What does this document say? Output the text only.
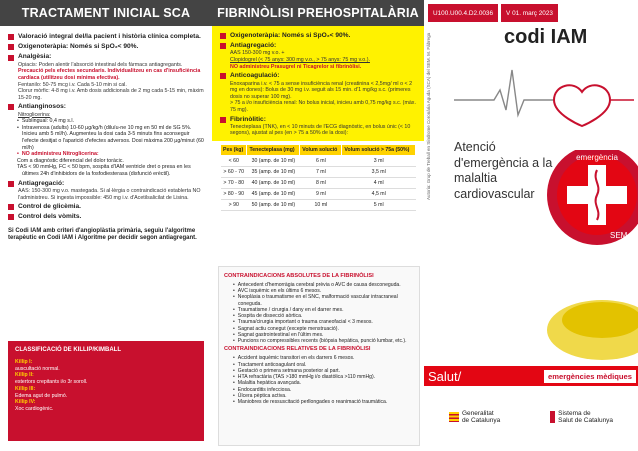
TRACTAMENT INICIAL SCA
Valoració integral del/la pacient i història clínica completa.
Oxigenoteràpia: Només si SpO₂< 90%.
Analgèsia:
Opiacis: Poden alentir l'absorció intestinal dels fàrmacs antiagregants.
Precaució pels efectes secundaris. Individualitzeu en cas d'insuficiència cardíaca (utilitzeu dosi mínima efectiva).
Fentanilo: 50-75 mcg i.v. Cada 5-10 min si cal.
Clorur mòrfic: 4-8 mg i.v. Amb dosis addicionals de 2 mg cada 5-15 min, màxim 15-20 mg.
Antianginosos:
Nitroglicerina:
• Sublingual: 0,4 mg s.l.
• Intravenosa (adults) 10-60 µg/kg/h (diluïu-ne 10 mg en 50 ml de SG 5%. Inicieu amb 5 ml/h). Augmenteu la dosi cada 3-5 minuts fins aconseguir l'efecte desitjat o l'aparició d'efectes adversos. Dosi màxima 200 µg/minut (60 ml/h)
• NO administreu Nitroglicerina:
Com a diagnòstic diferencial del dolor toràcic.
TAS < 90 mmHg, FC < 50 bpm, sospita d'IAM ventricle dret o presa en les últimes 24h d'inhibidors de la fosfodiesterasa (disfunció erèctil).
Antiagregació:
AAS: 150-300 mg v.o. mastegada. Si al·lèrgia o contraindicació establerta NO l'administreu. Si ingesta impossible: 450 mg i.v. d'Acetilsalicilat de Lisina.
Control de glicèmia.
Control dels vòmits.
Si Codi IAM amb criteri d'angioplàstia primària, seguiu l'algoritme terapèutic en Codi IAM i Algoritme per decidir segon antiagregant.
CLASSIFICACIÓ DE KILLIP/KIMBALL
Killip I:
auscultació normal.
Killip II:
estertors crepitants i/o 3r soroll.
Killip III:
Edema agut de pulmó.
Killip IV:
Xoc cardiogènic.
FIBRINÒLISI PREHOSPITALÀRIA
Oxigenoteràpia: Només si SpO₂< 90%.
Antiagregació:
AAS 150-300 mg v.o. +
Clopidogrel (< 75 anys: 300 mg v.o., > 75 anys: 75 mg v.o.).
NO administreu Prasugrel ni Ticagrelor si fibrinòlisi.
Anticoagulació:
Enoxaparina i.v. < 75 a sense insuficiència renal (creatinina < 2,5mg/ ml o < 2 mg en dones): Bolus de 30 mg i.v. seguit als 15 min. d'1 mg/kg s.c. (primeres dosis no superar 100 mg).
> 75 a i/o insuficiència renal: No bolus inicial, inicieu amb 0,75 mg/kg s.c. (màx. 75 mg).
Fibrinòlitic:
Tenecteplasa (TNK), en < 10 minuts de l'ECG diagnòstic, en bolus únic (< 10 segons), ajustat al pes (en > 75 a 50% de la dosi):
Pes (kg)	Tenecteplasa (mg)	Volum solució	Volum solució > 75a (50%)
< 60	30 (amp. de 10 ml)	6 ml	3 ml
> 60 - 70	35 (amp. de 10 ml)	7 ml	3,5 ml
> 70 - 80	40 (amp. de 10 ml)	8 ml	4 ml
> 80 - 90	45 (amp. de 10 ml)	9 ml	4,5 ml
> 90	50 (amp. de 10 ml)	10 ml	5 ml
CONTRAINDICACIONS ABSOLUTES DE LA FIBRINÒLISI
• Antecedent d'hemorràgia cerebral prèvia o AVC de causa desconeguda.
• AVC isquèmic en els últims 6 mesos.
• Neoplàsia o traumatisme en el SNC, malformació vascular intracraneal coneguda.
• Traumatisme / cirurgia / dany en el darrer mes.
• Sospita de dissecció aòrtica.
• Trauma/cirurgia important o trauma craneofacial < 3 mesos.
• Sagnat actiu conegut (excepte menstruació).
• Sagnat gastrointestinal en l'últim mes.
• Puncions no compressibles recents (biòpsia hepàtica, punció lumbar, etc.).
CONTRAINDICACIONS RELATIVES DE LA FIBRINÒLISI
• Accident isquèmic transitori en els darrers 6 mesos.
• Tractament anticoagulant oral.
• Gestació o primera setmana posterior al part.
• HTA refractària (TAS >180 mmHg i/o diastòlica >110 mmHg).
• Malaltia hepàtica avançada.
• Endocarditis infecciosa.
• Úlcera pèptica activa.
• Maniobres de ressuscitació perllongades o reanimació traumàtica.
U100.U00.4.D2.0036	V 01. març 2023
codi IAM
Atenció
d'emergència a la
malaltia
cardiovascular
Autoria: Grup de Treball en Síndrome Coronària Aguda (SCA) del SEM. M. Fàbrega	emergència
SEM
Salut/	emergències mèdiques
Generalitat
de Catalunya
Sistema de
Salut de Catalunya
